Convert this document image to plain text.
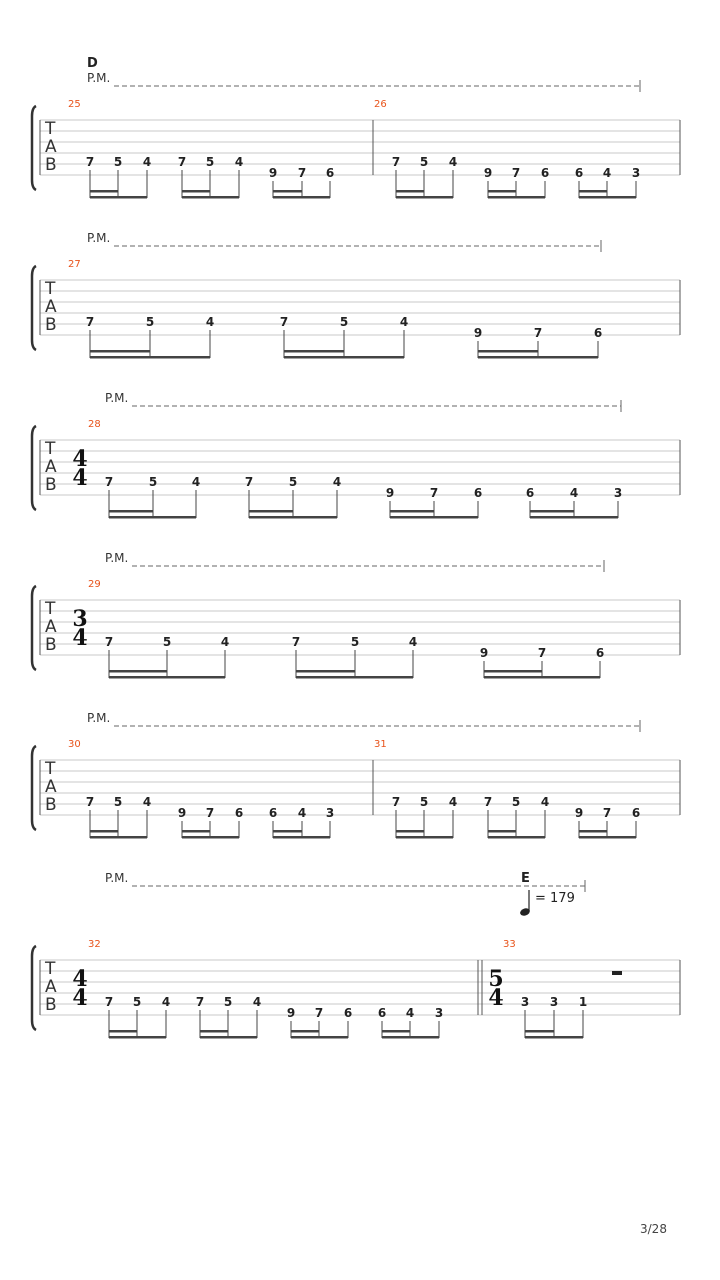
T
A
B
P.M.
D
25
7 5 4 7 5 4
9 7 6
26
7 5 4
9 7 6 6 4 3
T
A
B
P.M.
27
7	5	4	7	5	4
9	7	6
T
A
B
P.M.
28
4
4 7	5	4	7	5	4
9	7	6	6	4	3
T
A
B
P.M.
29
3
4 7	5	4	7	5	4
9	7	6
T
A
B
P.M.
30
7 5 4
9 7 6 6 4 3
31
7 5 4 7 5 4
9 7 6
T
A
B
P.M.	E
= 179
32
4
4 7 5 4 7 5 4
9 7 6 6 4 3
33
5
4 3 3 1
3/28
